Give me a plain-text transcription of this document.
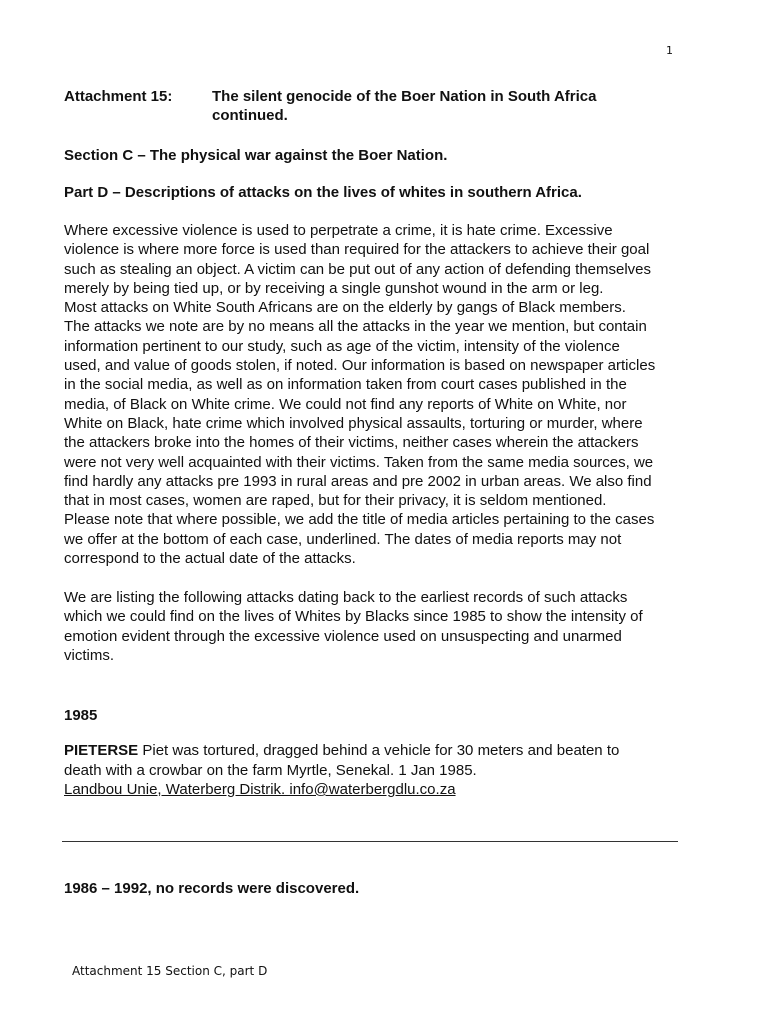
1
Attachment 15:	The silent genocide of the Boer Nation in South Africa
continued.
Section C – The physical war against the Boer Nation.
Part D – Descriptions of attacks on the lives of whites in southern Africa.
Where excessive violence is used to perpetrate a crime, it is hate crime. Excessive
violence is where more force is used than required for the attackers to achieve their goal
such as stealing an object. A victim can be put out of any action of defending themselves
merely by being tied up, or by receiving a single gunshot wound in the arm or leg.
Most attacks on White South Africans are on the elderly by gangs of Black members.
The attacks we note are by no means all the attacks in the year we mention, but contain
information pertinent to our study, such as age of the victim, intensity of the violence
used, and value of goods stolen, if noted. Our information is based on newspaper articles
in the social media, as well as on information taken from court cases published in the
media, of Black on White crime. We could not find any reports of White on White, nor
White on Black, hate crime which involved physical assaults, torturing or murder, where
the attackers broke into the homes of their victims, neither cases wherein the attackers
were not very well acquainted with their victims. Taken from the same media sources, we
find hardly any attacks pre 1993 in rural areas and pre 2002 in urban areas. We also find
that in most cases, women are raped, but for their privacy, it is seldom mentioned.
Please note that where possible, we add the title of media articles pertaining to the cases
we offer at the bottom of each case, underlined. The dates of media reports may not
correspond to the actual date of the attacks.
We are listing the following attacks dating back to the earliest records of such attacks
which we could find on the lives of Whites by Blacks since 1985 to show the intensity of
emotion evident through the excessive violence used on unsuspecting and unarmed
victims.
1985
PIETERSE Piet was tortured, dragged behind a vehicle for 30 meters and beaten to
death with a crowbar on the farm Myrtle, Senekal. 1 Jan 1985.
Landbou Unie, Waterberg Distrik. info@waterbergdlu.co.za
1986 – 1992, no records were discovered.
Attachment 15 Section C, part D
